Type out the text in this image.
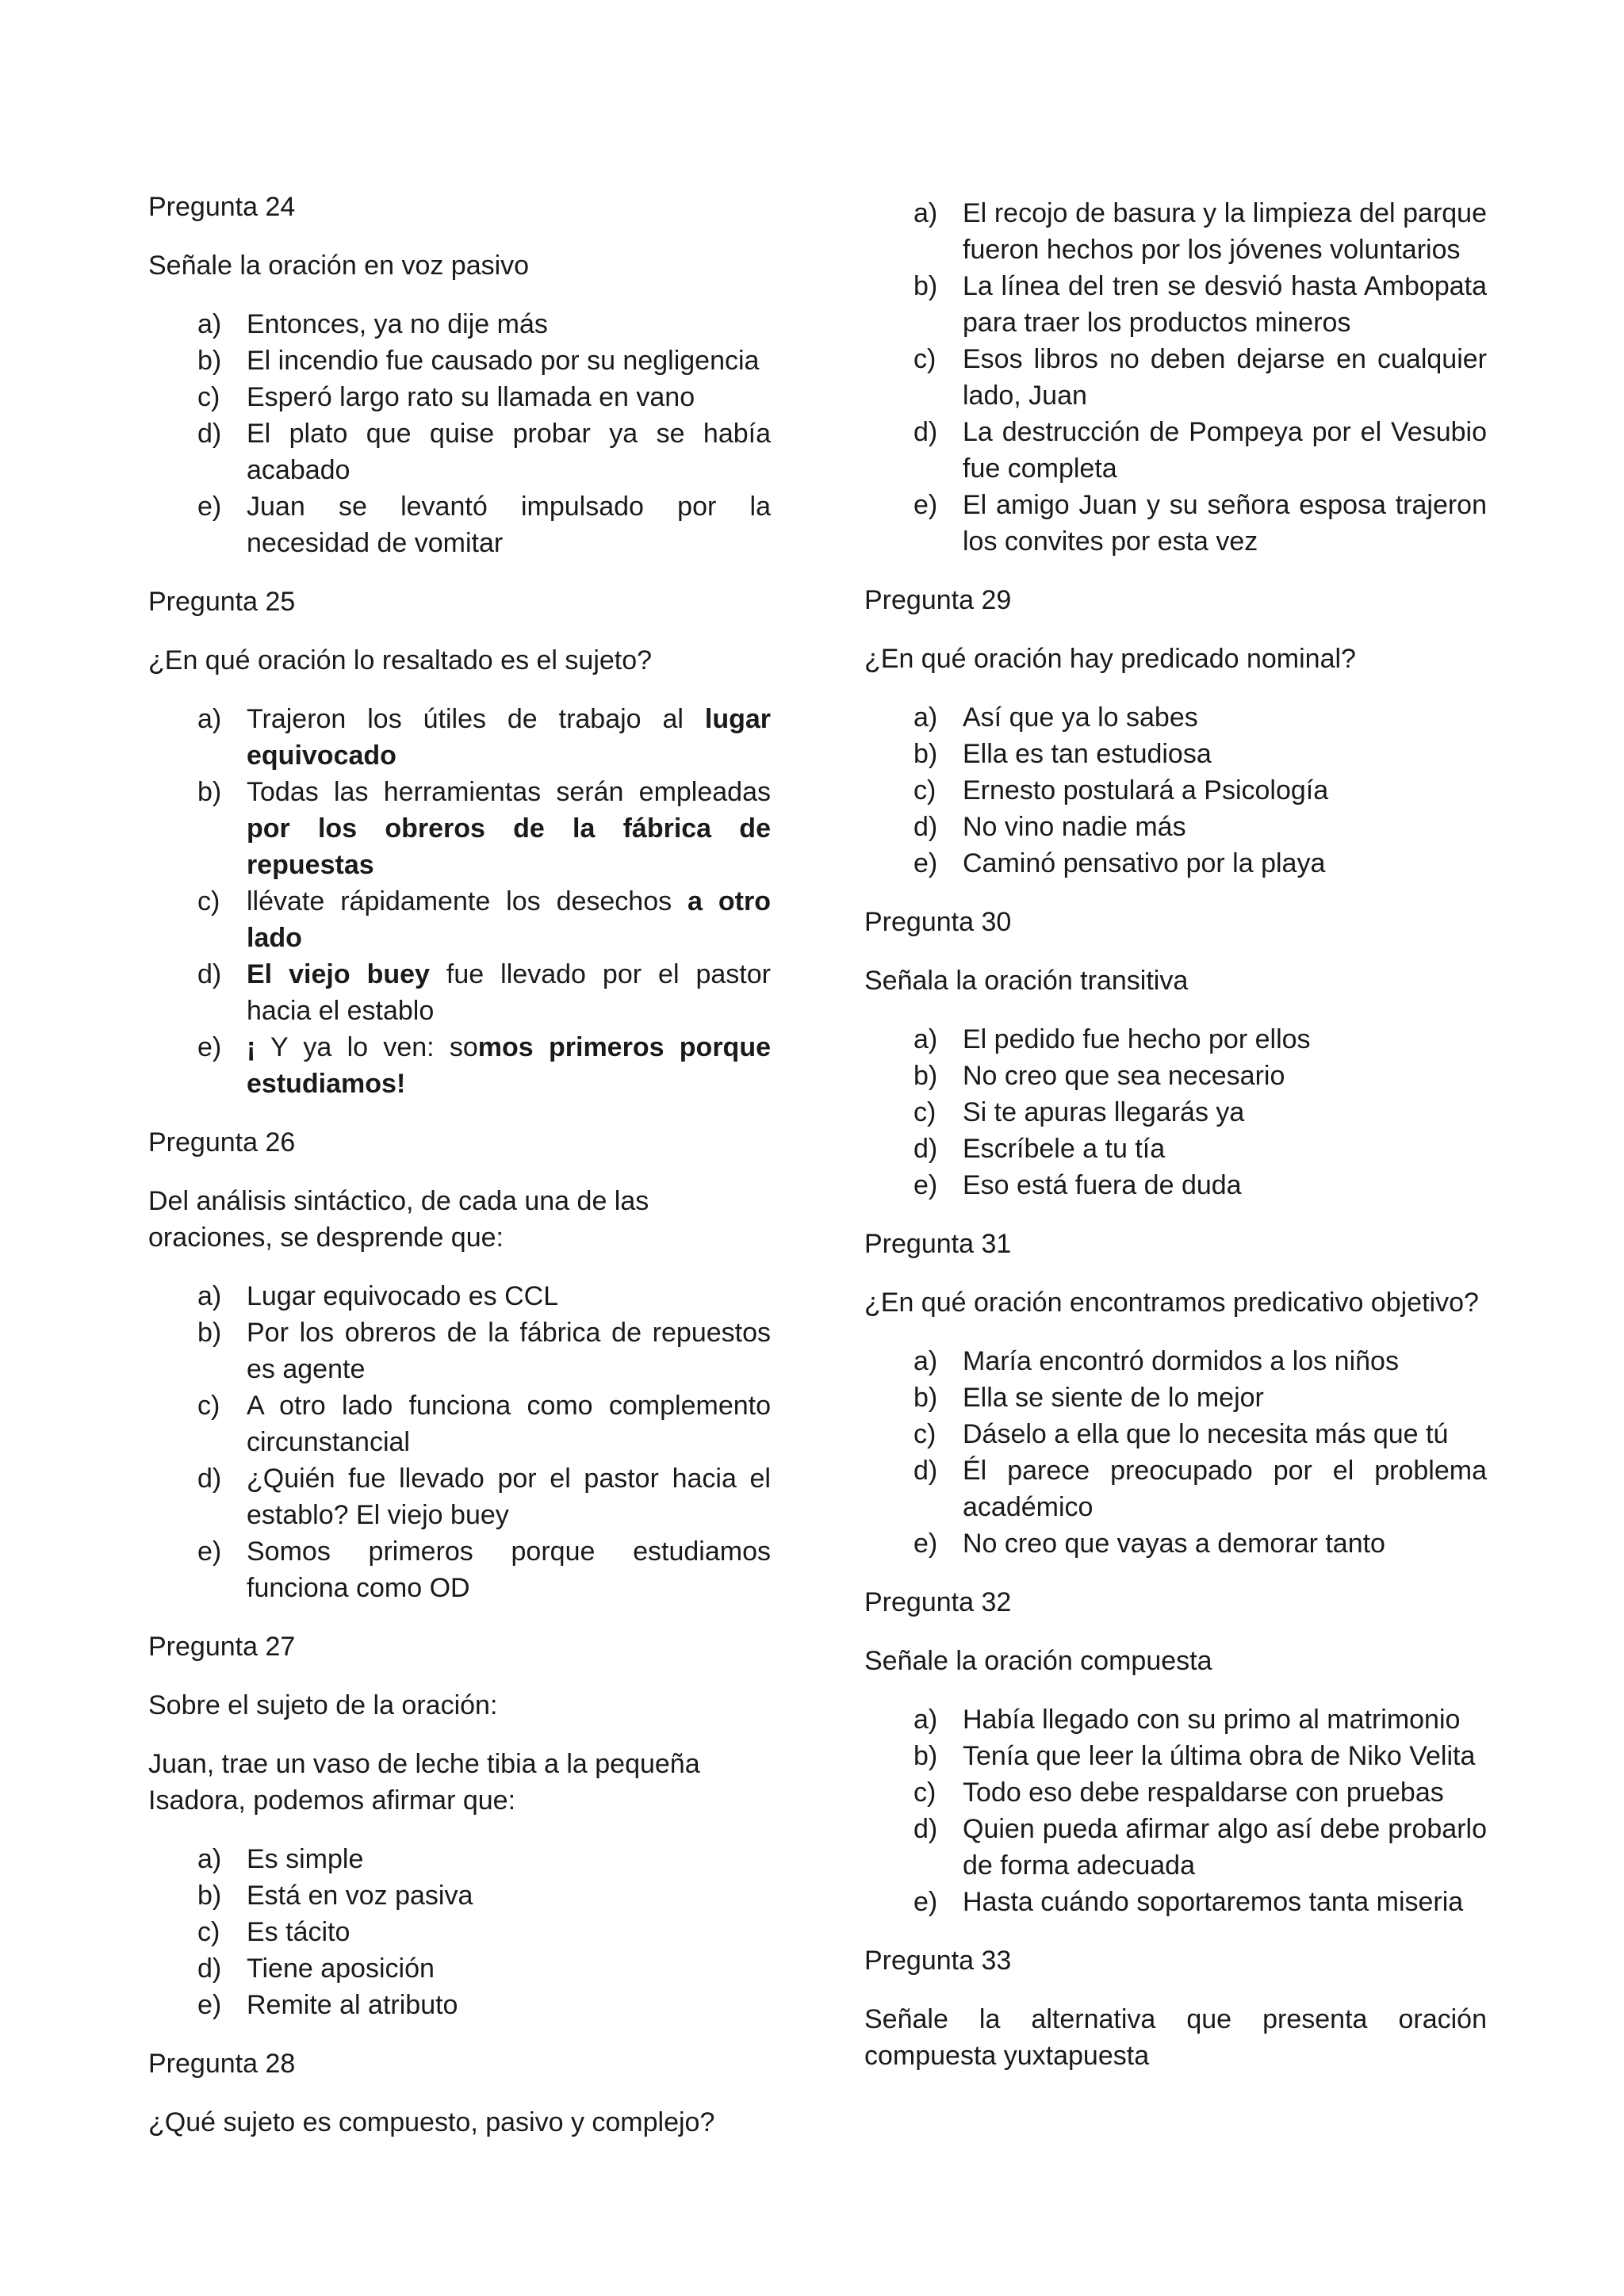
Pregunta 24
Señale la oración en voz pasivo
a) Entonces, ya no dije más
b) El incendio fue causado por su negligencia
c) Esperó largo rato su llamada en vano
d) El plato que quise probar ya se había acabado
e) Juan se levantó impulsado por la necesidad de vomitar
Pregunta 25
¿En qué oración lo resaltado es el sujeto?
a) Trajeron los útiles de trabajo al lugar equivocado
b) Todas las herramientas serán empleadas por los obreros de la fábrica de repuestas
c) llévate rápidamente los desechos a otro lado
d) El viejo buey fue llevado por el pastor hacia el establo
e) ¡ Y ya lo ven: somos primeros porque estudiamos!
Pregunta 26
Del análisis sintáctico, de cada una de las oraciones, se desprende que:
a) Lugar equivocado es CCL
b) Por los obreros de la fábrica de repuestos es agente
c) A otro lado funciona como complemento circunstancial
d) ¿Quién fue llevado por el pastor hacia el establo? El viejo buey
e) Somos primeros porque estudiamos funciona como OD
Pregunta 27
Sobre el sujeto de la oración:
Juan, trae un vaso de leche tibia a la pequeña Isadora, podemos afirmar que:
a) Es simple
b) Está en voz pasiva
c) Es tácito
d) Tiene aposición
e) Remite al atributo
Pregunta 28
¿Qué sujeto es compuesto, pasivo y complejo?
a) El recojo de basura y la limpieza del parque fueron hechos por los jóvenes voluntarios
b) La línea del tren se desvió hasta Ambopata para traer los productos mineros
c) Esos libros no deben dejarse en cualquier lado, Juan
d) La destrucción de Pompeya por el Vesubio fue completa
e) El amigo Juan y su señora esposa trajeron los convites por esta vez
Pregunta 29
¿En qué oración hay predicado nominal?
a) Así que ya lo sabes
b) Ella es tan estudiosa
c) Ernesto postulará a Psicología
d) No vino nadie más
e) Caminó pensativo por la playa
Pregunta 30
Señala la oración transitiva
a) El pedido fue hecho por ellos
b) No creo que sea necesario
c) Si te apuras llegarás ya
d) Escríbele a tu tía
e) Eso está fuera de duda
Pregunta 31
¿En qué oración encontramos predicativo objetivo?
a) María encontró dormidos a los niños
b) Ella se siente de lo mejor
c) Dáselo a ella que lo necesita más que tú
d) Él parece preocupado por el problema académico
e) No creo que vayas a demorar tanto
Pregunta 32
Señale la oración compuesta
a) Había llegado con su primo al matrimonio
b) Tenía que leer la última obra de Niko Velita
c) Todo eso debe respaldarse con pruebas
d) Quien pueda afirmar algo así debe probarlo de forma adecuada
e) Hasta cuándo soportaremos tanta miseria
Pregunta 33
Señale la alternativa que presenta oración compuesta yuxtapuesta
